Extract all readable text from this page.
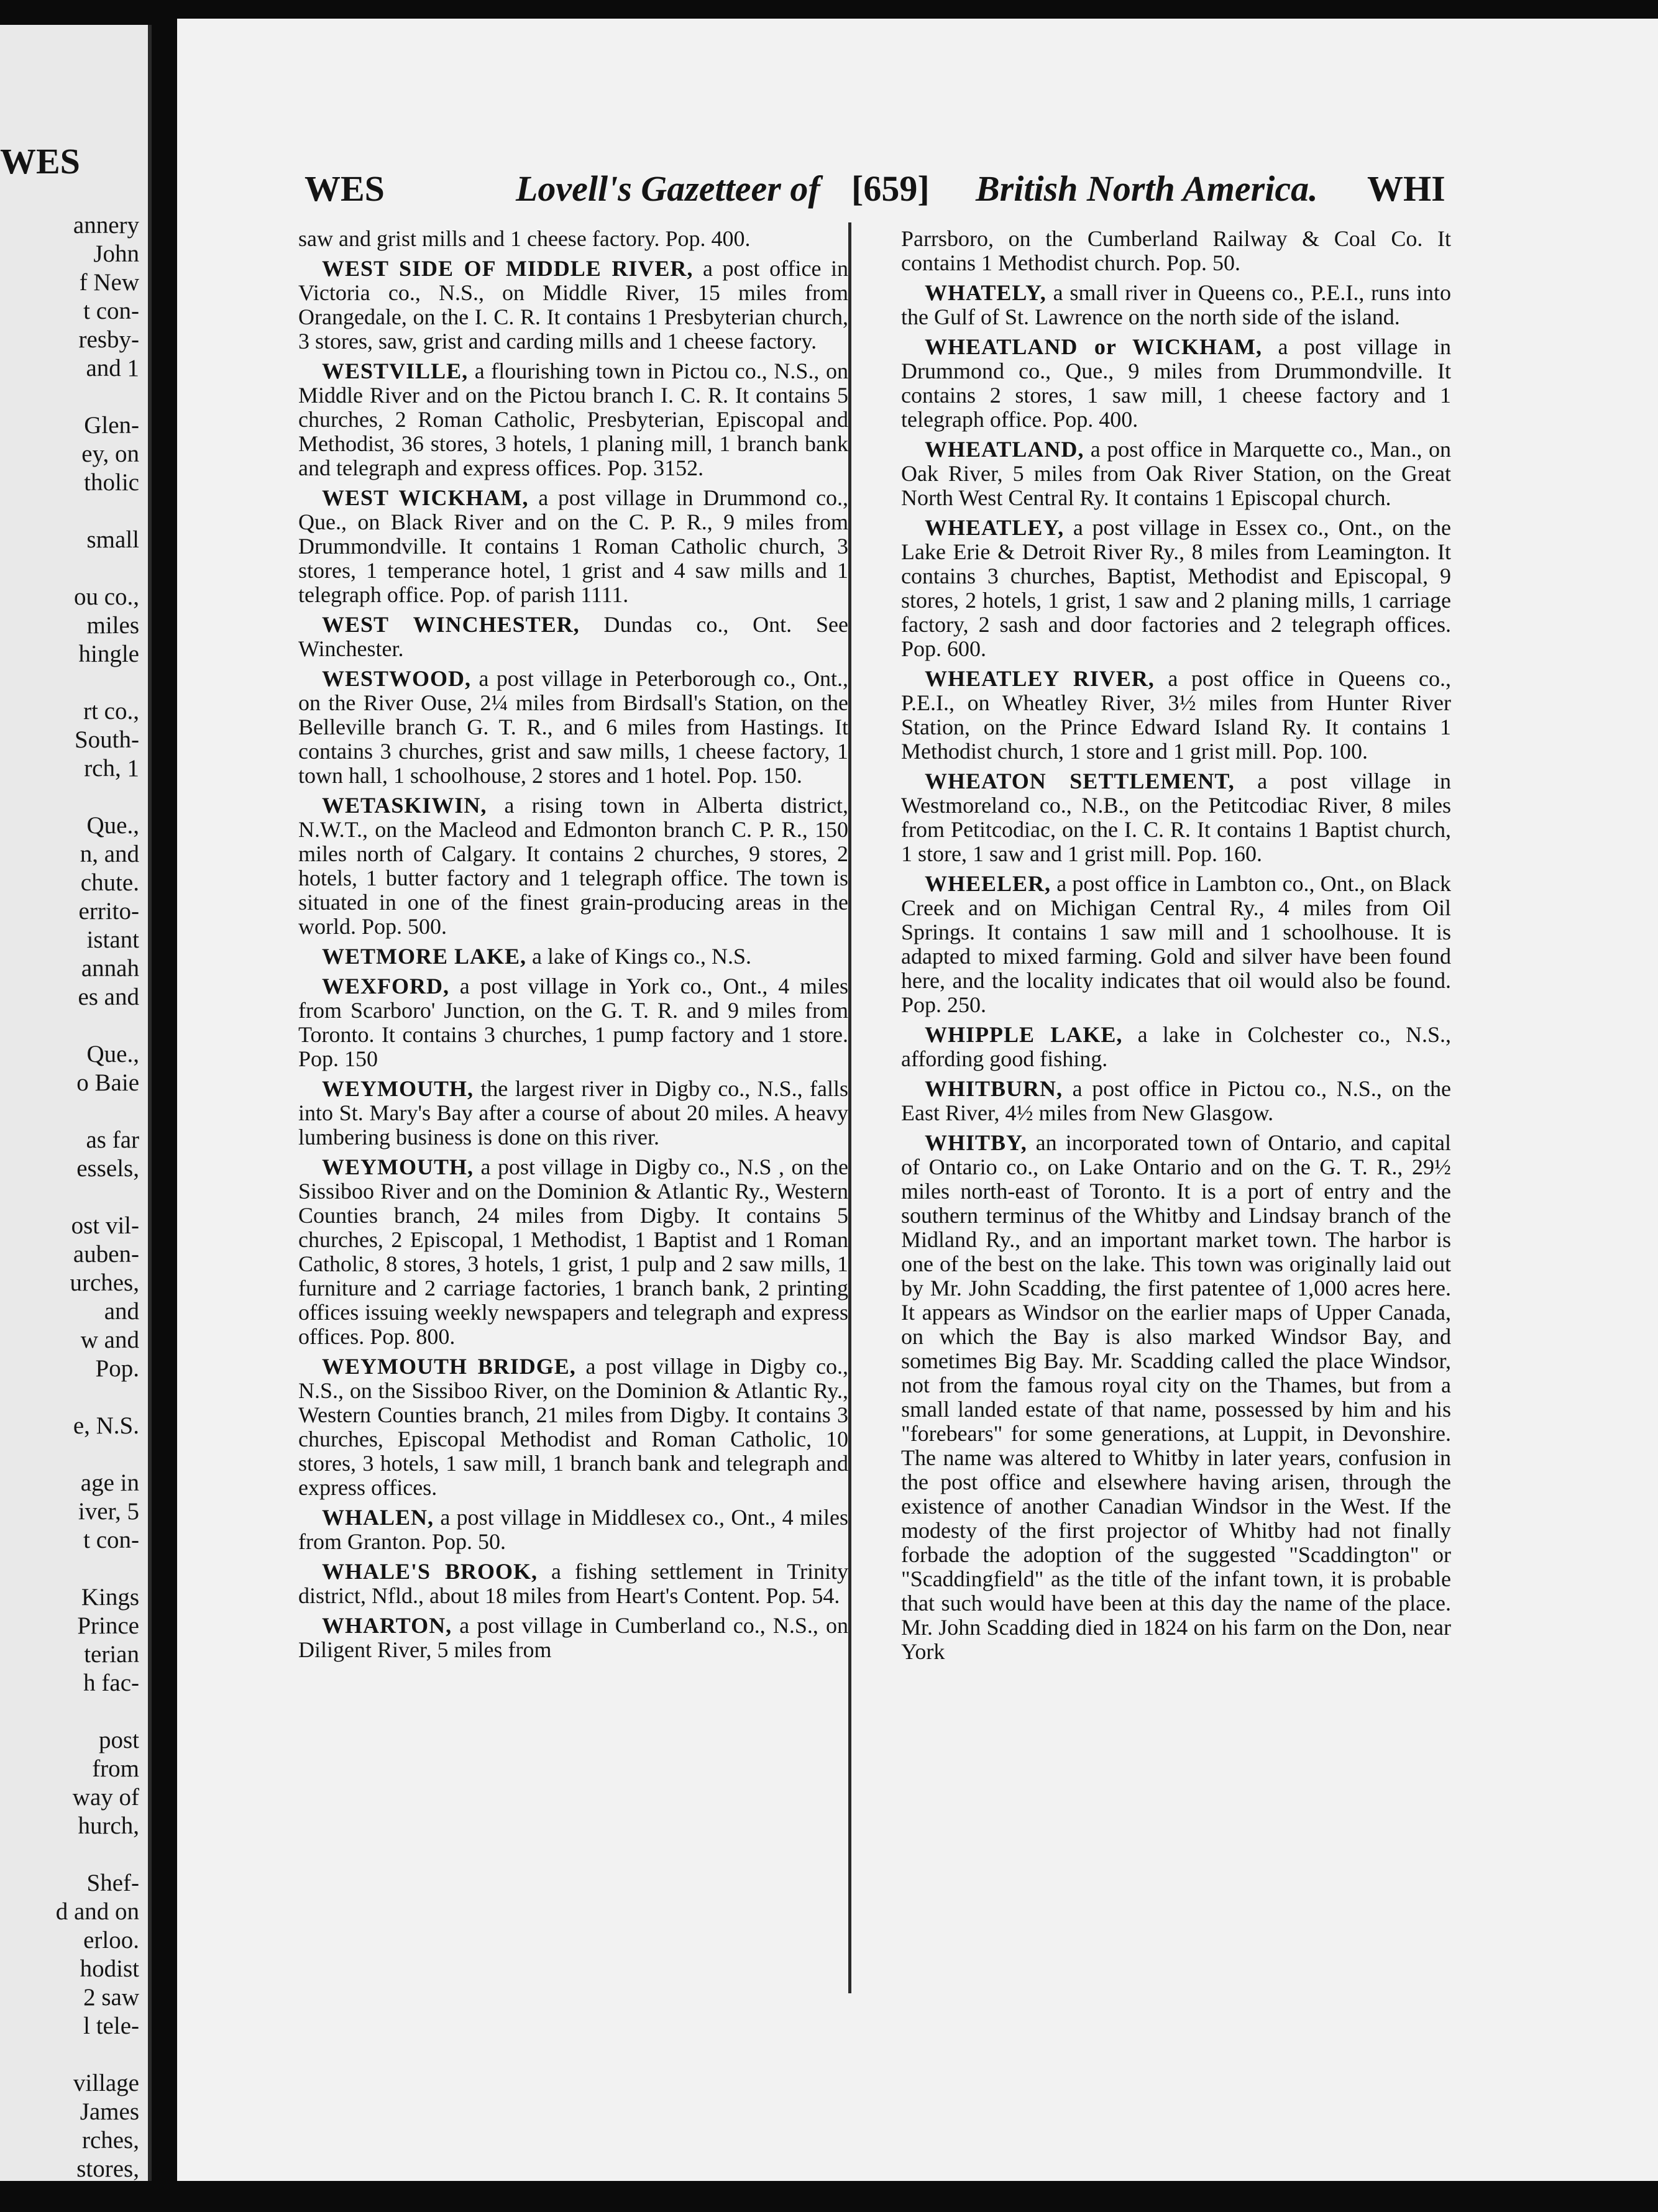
WES
annery
John
f New
t con-
resby-
and 1

Glen-
ey, on
tholic

small

ou co.,
miles
hingle

rt co.,
South-
rch, 1

Que.,
n, and
chute.
erritо-
istant
annah
es and

Que.,
o Baie

as far
essels,

ost vil-
auben-
urches,
and
w and
Pop.

e, N.S.

age in
iver, 5
t con-

Kings
Prince
terian
h fac-

post
from
way of
hurch,

Shef-
d and on
erloo.
hodist
2 saw
l tele-

village
James
rches,
stores,
WES	Lovell's Gazetteer of [659] British North America. WHI

saw and grist mills and 1 cheese factory. Pop. 400.

WEST SIDE OF MIDDLE RIVER, a post office in Victoria co., N.S., on Middle River, 15 miles from Orangedale, on the I. C. R. It contains 1 Presbyterian church, 3 stores, saw, grist and carding mills and 1 cheese factory.

WESTVILLE, a flourishing town in Pictou co., N.S., on Middle River and on the Pictou branch I. C. R. It contains 5 churches, 2 Roman Catholic, Presbyterian, Episcopal and Methodist, 36 stores, 3 hotels, 1 planing mill, 1 branch bank and telegraph and express offices. Pop. 3152.

WEST WICKHAM, a post village in Drummond co., Que., on Black River and on the C. P. R., 9 miles from Drummondville. It contains 1 Roman Catholic church, 3 stores, 1 temperance hotel, 1 grist and 4 saw mills and 1 telegraph office. Pop. of parish 1111.

WEST WINCHESTER, Dundas co., Ont. See Winchester.

WESTWOOD, a post village in Peterborough co., Ont., on the River Ouse, 2¼ miles from Birdsall's Station, on the Belleville branch G. T. R., and 6 miles from Hastings. It contains 3 churches, grist and saw mills, 1 cheese factory, 1 town hall, 1 schoolhouse, 2 stores and 1 hotel. Pop. 150.

WETASKIWIN, a rising town in Alberta district, N.W.T., on the Macleod and Edmonton branch C. P. R., 150 miles north of Calgary. It contains 2 churches, 9 stores, 2 hotels, 1 butter factory and 1 telegraph office. The town is situated in one of the finest grain-producing areas in the world. Pop. 500.

WETMORE LAKE, a lake of Kings co., N.S.

WEXFORD, a post village in York co., Ont., 4 miles from Scarboro' Junction, on the G. T. R. and 9 miles from Toronto. It contains 3 churches, 1 pump factory and 1 store. Pop. 150

WEYMOUTH, the largest river in Digby co., N.S., falls into St. Mary's Bay after a course of about 20 miles. A heavy lumbering business is done on this river.

WEYMOUTH, a post village in Digby co., N.S , on the Sissiboo River and on the Dominion & Atlantic Ry., Western Counties branch, 24 miles from Digby. It contains 5 churches, 2 Episcopal, 1 Methodist, 1 Baptist and 1 Roman Catholic, 8 stores, 3 hotels, 1 grist, 1 pulp and 2 saw mills, 1 furniture and 2 carriage factories, 1 branch bank, 2 printing offices issuing weekly newspapers and telegraph and express offices. Pop. 800.

WEYMOUTH BRIDGE, a post village in Digby co., N.S., on the Sissiboo River, on the Dominion & Atlantic Ry., Western Counties branch, 21 miles from Digby. It contains 3 churches, Episcopal Methodist and Roman Catholic, 10 stores, 3 hotels, 1 saw mill, 1 branch bank and telegraph and express offices.

WHALEN, a post village in Middlesex co., Ont., 4 miles from Granton. Pop. 50.

WHALE'S BROOK, a fishing settlement in Trinity district, Nfld., about 18 miles from Heart's Content. Pop. 54.

WHARTON, a post village in Cumberland co., N.S., on Diligent River, 5 miles from

Parrsboro, on the Cumberland Railway & Coal Co. It contains 1 Methodist church. Pop. 50.

WHATELY, a small river in Queens co., P.E.I., runs into the Gulf of St. Lawrence on the north side of the island.

WHEATLAND or WICKHAM, a post village in Drummond co., Que., 9 miles from Drummondville. It contains 2 stores, 1 saw mill, 1 cheese factory and 1 telegraph office. Pop. 400.

WHEATLAND, a post office in Marquette co., Man., on Oak River, 5 miles from Oak River Station, on the Great North West Central Ry. It contains 1 Episcopal church.

WHEATLEY, a post village in Essex co., Ont., on the Lake Erie & Detroit River Ry., 8 miles from Leamington. It contains 3 churches, Baptist, Methodist and Episcopal, 9 stores, 2 hotels, 1 grist, 1 saw and 2 planing mills, 1 carriage factory, 2 sash and door factories and 2 telegraph offices. Pop. 600.

WHEATLEY RIVER, a post office in Queens co., P.E.I., on Wheatley River, 3½ miles from Hunter River Station, on the Prince Edward Island Ry. It contains 1 Methodist church, 1 store and 1 grist mill. Pop. 100.

WHEATON SETTLEMENT, a post village in Westmoreland co., N.B., on the Petitcodiac River, 8 miles from Petitcodiac, on the I. C. R. It contains 1 Baptist church, 1 store, 1 saw and 1 grist mill. Pop. 160.

WHEELER, a post office in Lambton co., Ont., on Black Creek and on Michigan Central Ry., 4 miles from Oil Springs. It contains 1 saw mill and 1 schoolhouse. It is adapted to mixed farming. Gold and silver have been found here, and the locality indicates that oil would also be found. Pop. 250.

WHIPPLE LAKE, a lake in Colchester co., N.S., affording good fishing.

WHITBURN, a post office in Pictou co., N.S., on the East River, 4½ miles from New Glasgow.

WHITBY, an incorporated town of Ontario, and capital of Ontario co., on Lake Ontario and on the G. T. R., 29½ miles north-east of Toronto. It is a port of entry and the southern terminus of the Whitby and Lindsay branch of the Midland Ry., and an important market town. The harbor is one of the best on the lake. This town was originally laid out by Mr. John Scadding, the first patentee of 1,000 acres here. It appears as Windsor on the earlier maps of Upper Canada, on which the Bay is also marked Windsor Bay, and sometimes Big Bay. Mr. Scadding called the place Windsor, not from the famous royal city on the Thames, but from a small landed estate of that name, possessed by him and his "forebears" for some generations, at Luppit, in Devonshire. The name was altered to Whitby in later years, confusion in the post office and elsewhere having arisen, through the existence of another Canadian Windsor in the West. If the modesty of the first projector of Whitby had not finally forbade the adoption of the suggested "Scaddington" or "Scaddingfield" as the title of the infant town, it is probable that such would have been at this day the name of the place. Mr. John Scadding died in 1824 on his farm on the Don, near York
